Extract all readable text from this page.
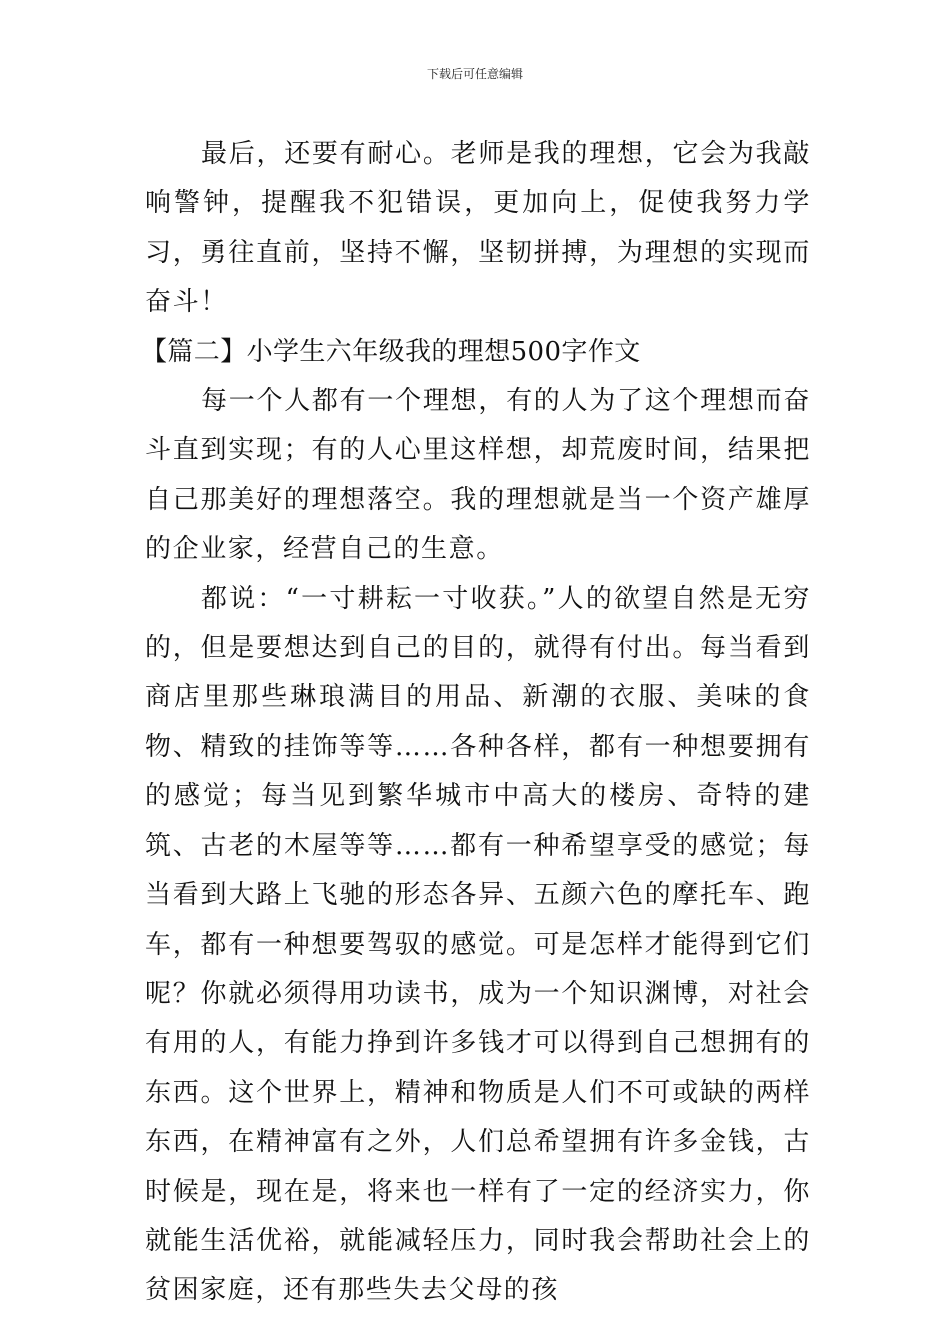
下载后可任意编辑

最后，还要有耐心。老师是我的理想，它会为我敲响警钟，提醒我不犯错误，更加向上，促使我努力学习，勇往直前，坚持不懈，坚韧拼搏，为理想的实现而奋斗！

【篇二】小学生六年级我的理想500字作文

每一个人都有一个理想，有的人为了这个理想而奋斗直到实现；有的人心里这样想，却荒废时间，结果把自己那美好的理想落空。我的理想就是当一个资产雄厚的企业家，经营自己的生意。

都说：“一寸耕耘一寸收获。”人的欲望自然是无穷的，但是要想达到自己的目的，就得有付出。每当看到商店里那些琳琅满目的用品、新潮的衣服、美味的食物、精致的挂饰等等……各种各样，都有一种想要拥有的感觉；每当见到繁华城市中高大的楼房、奇特的建筑、古老的木屋等等……都有一种希望享受的感觉；每当看到大路上飞驰的形态各异、五颜六色的摩托车、跑车，都有一种想要驾驭的感觉。可是怎样才能得到它们呢？你就必须得用功读书，成为一个知识渊博，对社会有用的人，有能力挣到许多钱才可以得到自己想拥有的东西。这个世界上，精神和物质是人们不可或缺的两样东西，在精神富有之外，人们总希望拥有许多金钱，古时候是，现在是，将来也一样有了一定的经济实力，你就能生活优裕，就能减轻压力，同时我会帮助社会上的贫困家庭，还有那些失去父母的孩
